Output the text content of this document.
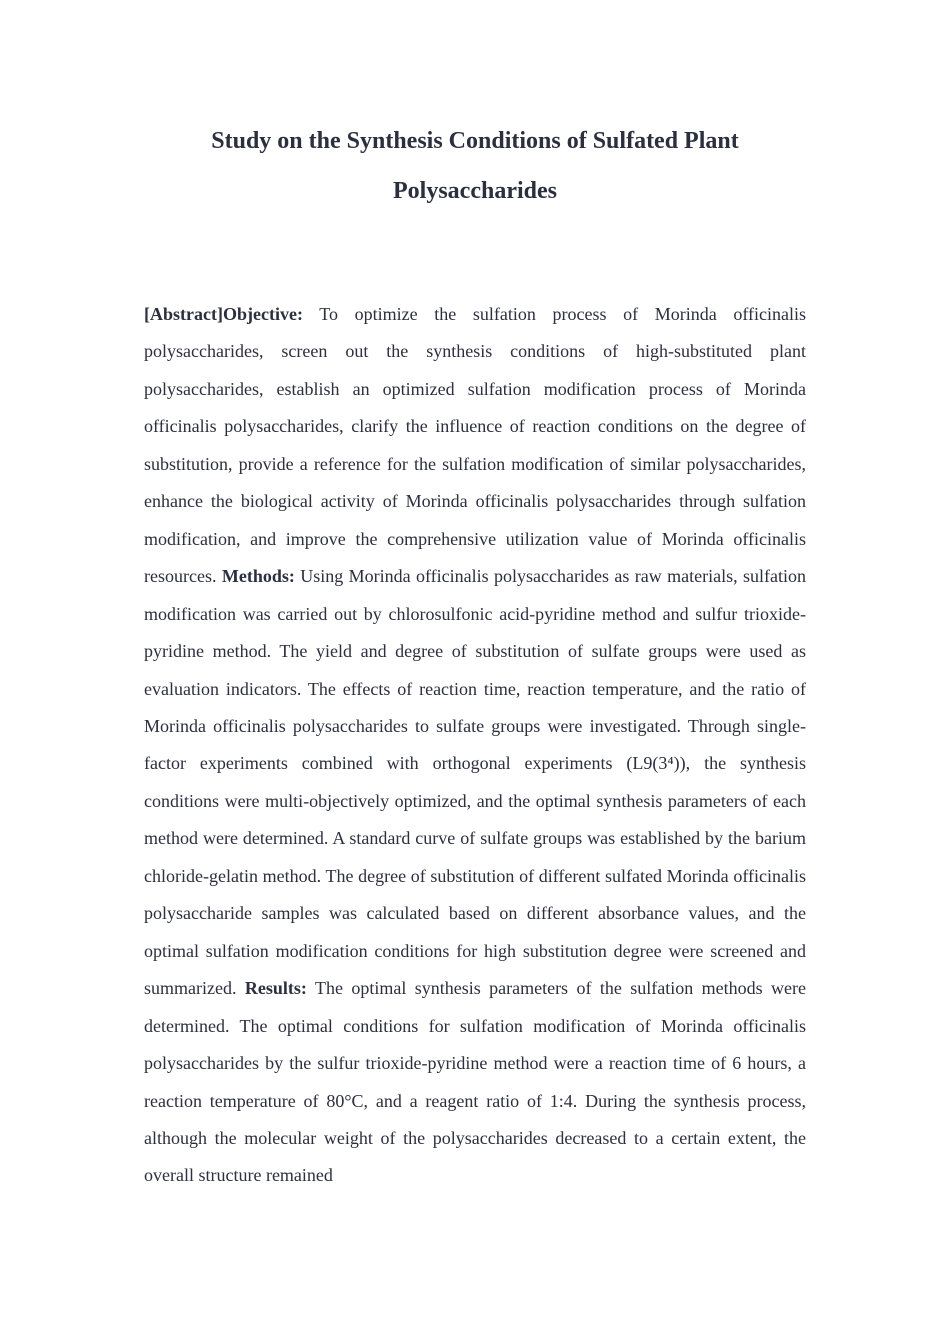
Study on the Synthesis Conditions of Sulfated Plant
Polysaccharides

[Abstract]Objective: To optimize the sulfation process of Morinda officinalis polysaccharides, screen out the synthesis conditions of high-substituted plant polysaccharides, establish an optimized sulfation modification process of Morinda officinalis polysaccharides, clarify the influence of reaction conditions on the degree of substitution, provide a reference for the sulfation modification of similar polysaccharides, enhance the biological activity of Morinda officinalis polysaccharides through sulfation modification, and improve the comprehensive utilization value of Morinda officinalis resources. Methods: Using Morinda officinalis polysaccharides as raw materials, sulfation modification was carried out by chlorosulfonic acid-pyridine method and sulfur trioxide-pyridine method. The yield and degree of substitution of sulfate groups were used as evaluation indicators. The effects of reaction time, reaction temperature, and the ratio of Morinda officinalis polysaccharides to sulfate groups were investigated. Through single-factor experiments combined with orthogonal experiments (L9(3⁴)), the synthesis conditions were multi-objectively optimized, and the optimal synthesis parameters of each method were determined. A standard curve of sulfate groups was established by the barium chloride-gelatin method. The degree of substitution of different sulfated Morinda officinalis polysaccharide samples was calculated based on different absorbance values, and the optimal sulfation modification conditions for high substitution degree were screened and summarized. Results: The optimal synthesis parameters of the sulfation methods were determined. The optimal conditions for sulfation modification of Morinda officinalis polysaccharides by the sulfur trioxide-pyridine method were a reaction time of 6 hours, a reaction temperature of 80°C, and a reagent ratio of 1:4. During the synthesis process, although the molecular weight of the polysaccharides decreased to a certain extent, the overall structure remained
